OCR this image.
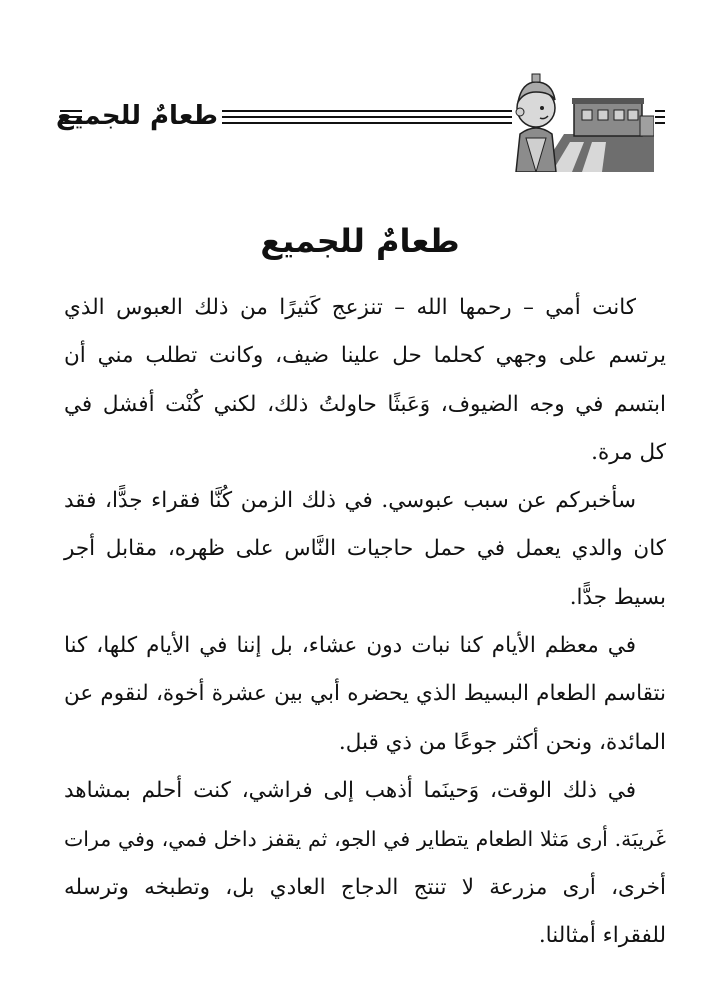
طعامٌ للجميع
طعامٌ للجميع

كانت أمي – رحمها الله – تنزعج كَثيرًا من ذلك العبوس الذي
يرتسم على وجهي كحلما حل علينا ضيف، وكانت تطلب مني أن
ابتسم في وجه الضيوف، وَعَبثًا حاولتُ ذلك، لكني كُنْت أفشل في
كل مرة.

سأخبركم عن سبب عبوسي. في ذلك الزمن كُنَّا فقراء جدًّا، فقد
كان والدي يعمل في حمل حاجيات النَّاس على ظهره، مقابل أجر
بسيط جدًّا.

في معظم الأيام كنا نبات دون عشاء، بل إننا في الأيام كلها، كنا
نتقاسم الطعام البسيط الذي يحضره أبي بين عشرة أخوة، لنقوم عن
المائدة، ونحن أكثر جوعًا من ذي قبل.

في ذلك الوقت، وَحينَما أذهب إلى فراشي، كنت أحلم بمشاهد
غَريبَة. أرى مَثلا الطعام يتطاير في الجو، ثم يقفز داخل فمي، وفي مرات
أخرى، أرى مزرعة لا تنتج الدجاج العادي بل، وتطبخه وترسله
للفقراء أمثالنا.
